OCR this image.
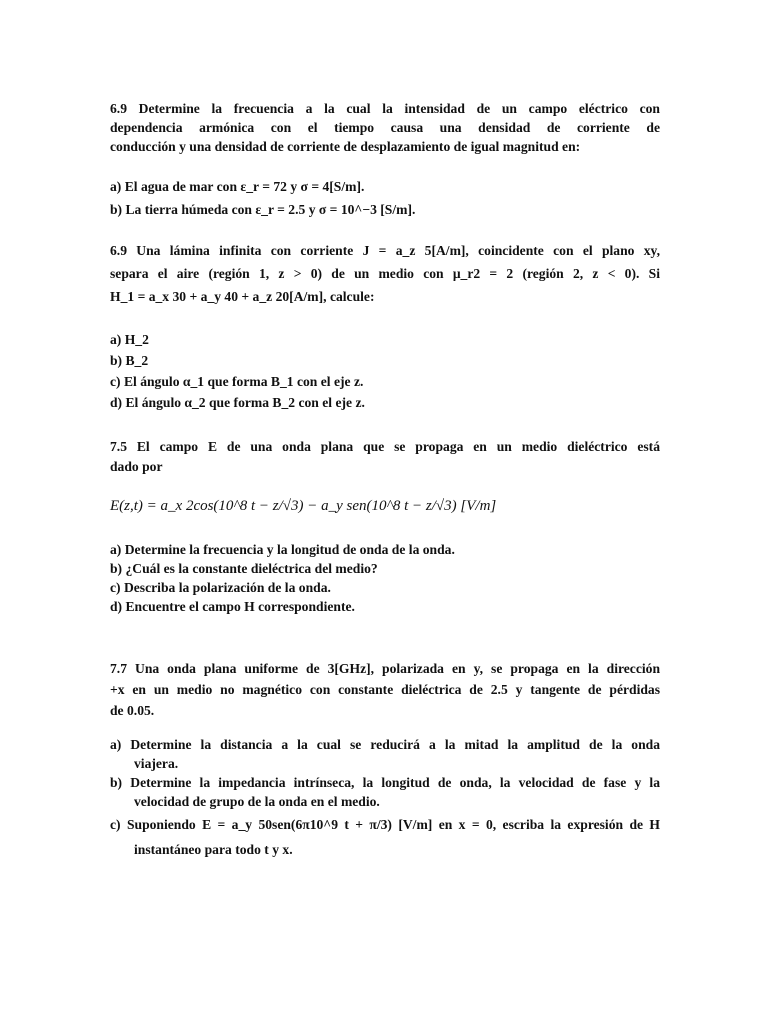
6.9 Determine la frecuencia a la cual la intensidad de un campo eléctrico con
dependencia armónica con el tiempo causa una densidad de corriente de
conducción y una densidad de corriente de desplazamiento de igual magnitud en:
a) El agua de mar con ε_r = 72 y σ = 4[S/m].
b) La tierra húmeda con ε_r = 2.5 y σ = 10^−3 [S/m].
6.9 Una lámina infinita con corriente J = a_z 5[A/m], coincidente con el plano xy,
separa el aire (región 1, z > 0) de un medio con μ_r2 = 2 (región 2, z < 0). Si
H_1 = a_x 30 + a_y 40 + a_z 20[A/m], calcule:
a) H_2
b) B_2
c) El ángulo α_1 que forma B_1 con el eje z.
d) El ángulo α_2 que forma B_2 con el eje z.
7.5 El campo E de una onda plana que se propaga en un medio dieléctrico está
dado por
E(z,t) = a_x 2cos(10^8 t − z/√3) − a_y sen(10^8 t − z/√3) [V/m]
a) Determine la frecuencia y la longitud de onda de la onda.
b) ¿Cuál es la constante dieléctrica del medio?
c) Describa la polarización de la onda.
d) Encuentre el campo H correspondiente.
7.7 Una onda plana uniforme de 3[GHz], polarizada en y, se propaga en la dirección
+x en un medio no magnético con constante dieléctrica de 2.5 y tangente de pérdidas
de 0.05.
a) Determine la distancia a la cual se reducirá a la mitad la amplitud de la onda
viajera.
b) Determine la impedancia intrínseca, la longitud de onda, la velocidad de fase y la
velocidad de grupo de la onda en el medio.
c) Suponiendo E = a_y 50sen(6π10^9 t + π/3) [V/m] en x = 0, escriba la expresión de H
instantáneo para todo t y x.
